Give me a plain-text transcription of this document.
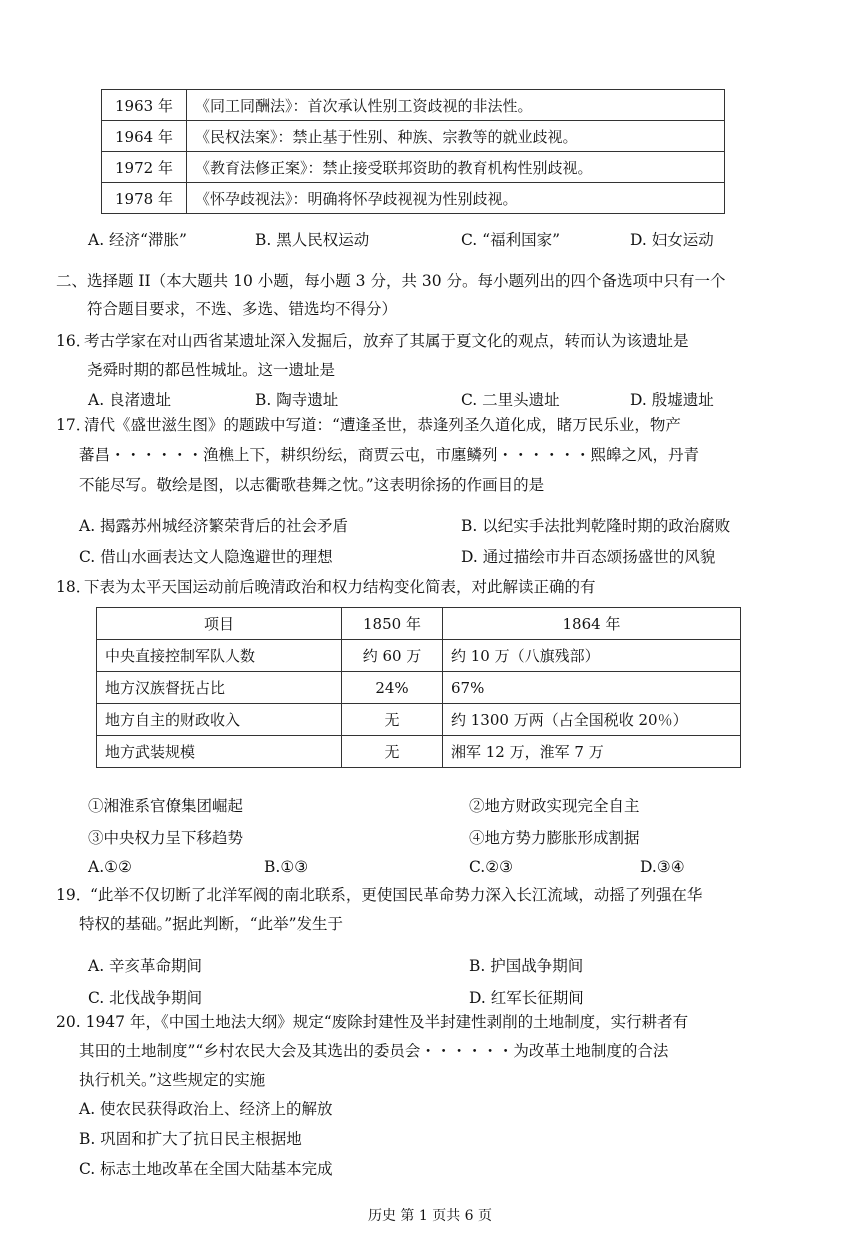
1963 年	《同工同酬法》：首次承认性别工资歧视的非法性。
1964 年	《民权法案》：禁止基于性别、种族、宗教等的就业歧视。
1972 年	《教育法修正案》：禁止接受联邦资助的教育机构性别歧视。
1978 年	《怀孕歧视法》：明确将怀孕歧视视为性别歧视。
A. 经济“滞胀”	B. 黑人民权运动	C. “福利国家”	D. 妇女运动
二、选择题 II（本大题共 10 小题，每小题 3 分，共 30 分。每小题列出的四个备选项中只有一个
符合题目要求，不选、多选、错选均不得分）
16．
考古学家在对山西省某遗址深入发掘后，放弃了其属于夏文化的观点，转而认为该遗址是
尧舜时期的都邑性城址。这一遗址是
A. 良渚遗址	B. 陶寺遗址	C. 二里头遗址	D. 殷墟遗址
17．
清代《盛世滋生图》的题跋中写道：“遭逢圣世，恭逢列圣久道化成，睹万民乐业，物产
蕃昌・・・・・・渔樵上下，耕织纷纭，商贾云屯，市廛鳞列・・・・・・熙皞之风，丹青
不能尽写。敬绘是图，以志衢歌巷舞之忱。”这表明徐扬的作画目的是
A. 揭露苏州城经济繁荣背后的社会矛盾	B. 以纪实手法批判乾隆时期的政治腐败
C. 借山水画表达文人隐逸避世的理想	D. 通过描绘市井百态颂扬盛世的风貌
18．
下表为太平天国运动前后晚清政治和权力结构变化简表，对此解读正确的有
项目	1850 年	1864 年
中央直接控制军队人数	约 60 万	约 10 万（八旗残部）
地方汉族督抚占比	24%	67%
地方自主的财政收入	无	约 1300 万两（占全国税收 20％）
地方武装规模	无	湘军 12 万，淮军 7 万
①湘淮系官僚集团崛起	②地方财政实现完全自主
③中央权力呈下移趋势	④地方势力膨胀形成割据
A.①②	B.①③	C.②③	D.③④
19．
“此举不仅切断了北洋军阀的南北联系，更使国民革命势力深入长江流域，动摇了列强在华
特权的基础。”据此判断，“此举”发生于
A. 辛亥革命期间	B. 护国战争期间
C. 北伐战争期间	D. 红军长征期间
20. 1947 年，《中国土地法大纲》规定“废除封建性及半封建性剥削的土地制度，实行耕者有
其田的土地制度”“乡村农民大会及其选出的委员会・・・・・・为改革土地制度的合法
执行机关。”这些规定的实施
A. 使农民获得政治上、经济上的解放
B. 巩固和扩大了抗日民主根据地
C. 标志土地改革在全国大陆基本完成
历史 第 1 页共 6 页
